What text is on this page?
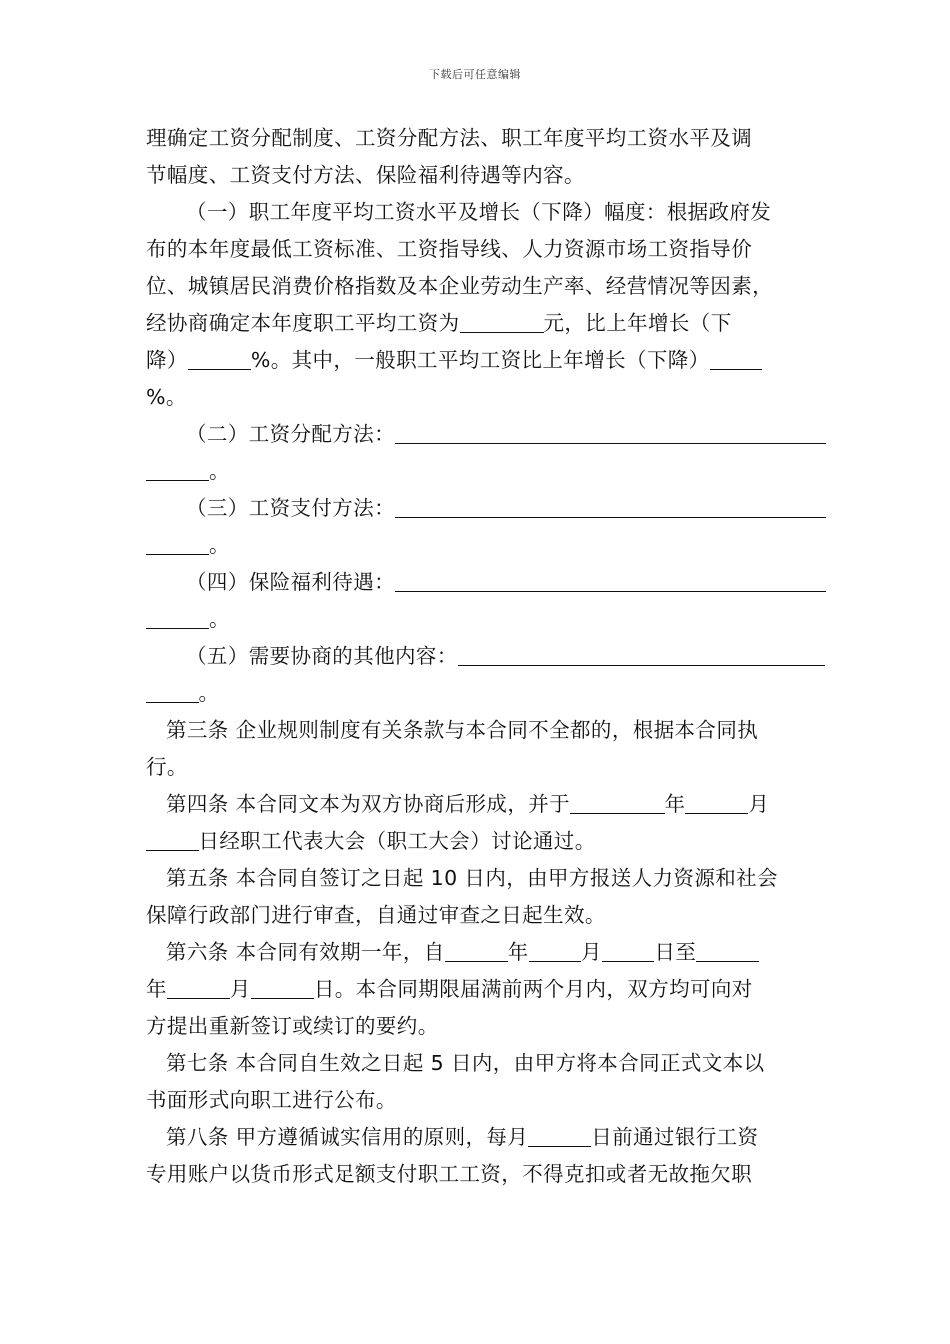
下载后可任意编辑
理确定工资分配制度、工资分配方法、职工年度平均工资水平及调
节幅度、工资支付方法、保险福利待遇等内容。
（一）职工年度平均工资水平及增长（下降）幅度：根据政府发
布的本年度最低工资标准、工资指导线、人力资源市场工资指导价
位、城镇居民消费价格指数及本企业劳动生产率、经营情况等因素，
经协商确定本年度职工平均工资为	元，比上年增长（下
降）	%。其中，一般职工平均工资比上年增长（下降）
%。
（二）工资分配方法：
。
（三）工资支付方法：
。
（四）保险福利待遇：
。
（五）需要协商的其他内容：
。
第三条 企业规则制度有关条款与本合同不全都的，根据本合同执
行。
第四条 本合同文本为双方协商后形成，并于	年	月
日经职工代表大会（职工大会）讨论通过。
第五条 本合同自签订之日起 10 日内，由甲方报送人力资源和社会
保障行政部门进行审查，自通过审查之日起生效。
第六条 本合同有效期一年，自	年	月	日至
年	月	日。本合同期限届满前两个月内，双方均可向对
方提出重新签订或续订的要约。
第七条 本合同自生效之日起 5 日内，由甲方将本合同正式文本以
书面形式向职工进行公布。
第八条 甲方遵循诚实信用的原则，每月	日前通过银行工资
专用账户以货币形式足额支付职工工资，不得克扣或者无故拖欠职
